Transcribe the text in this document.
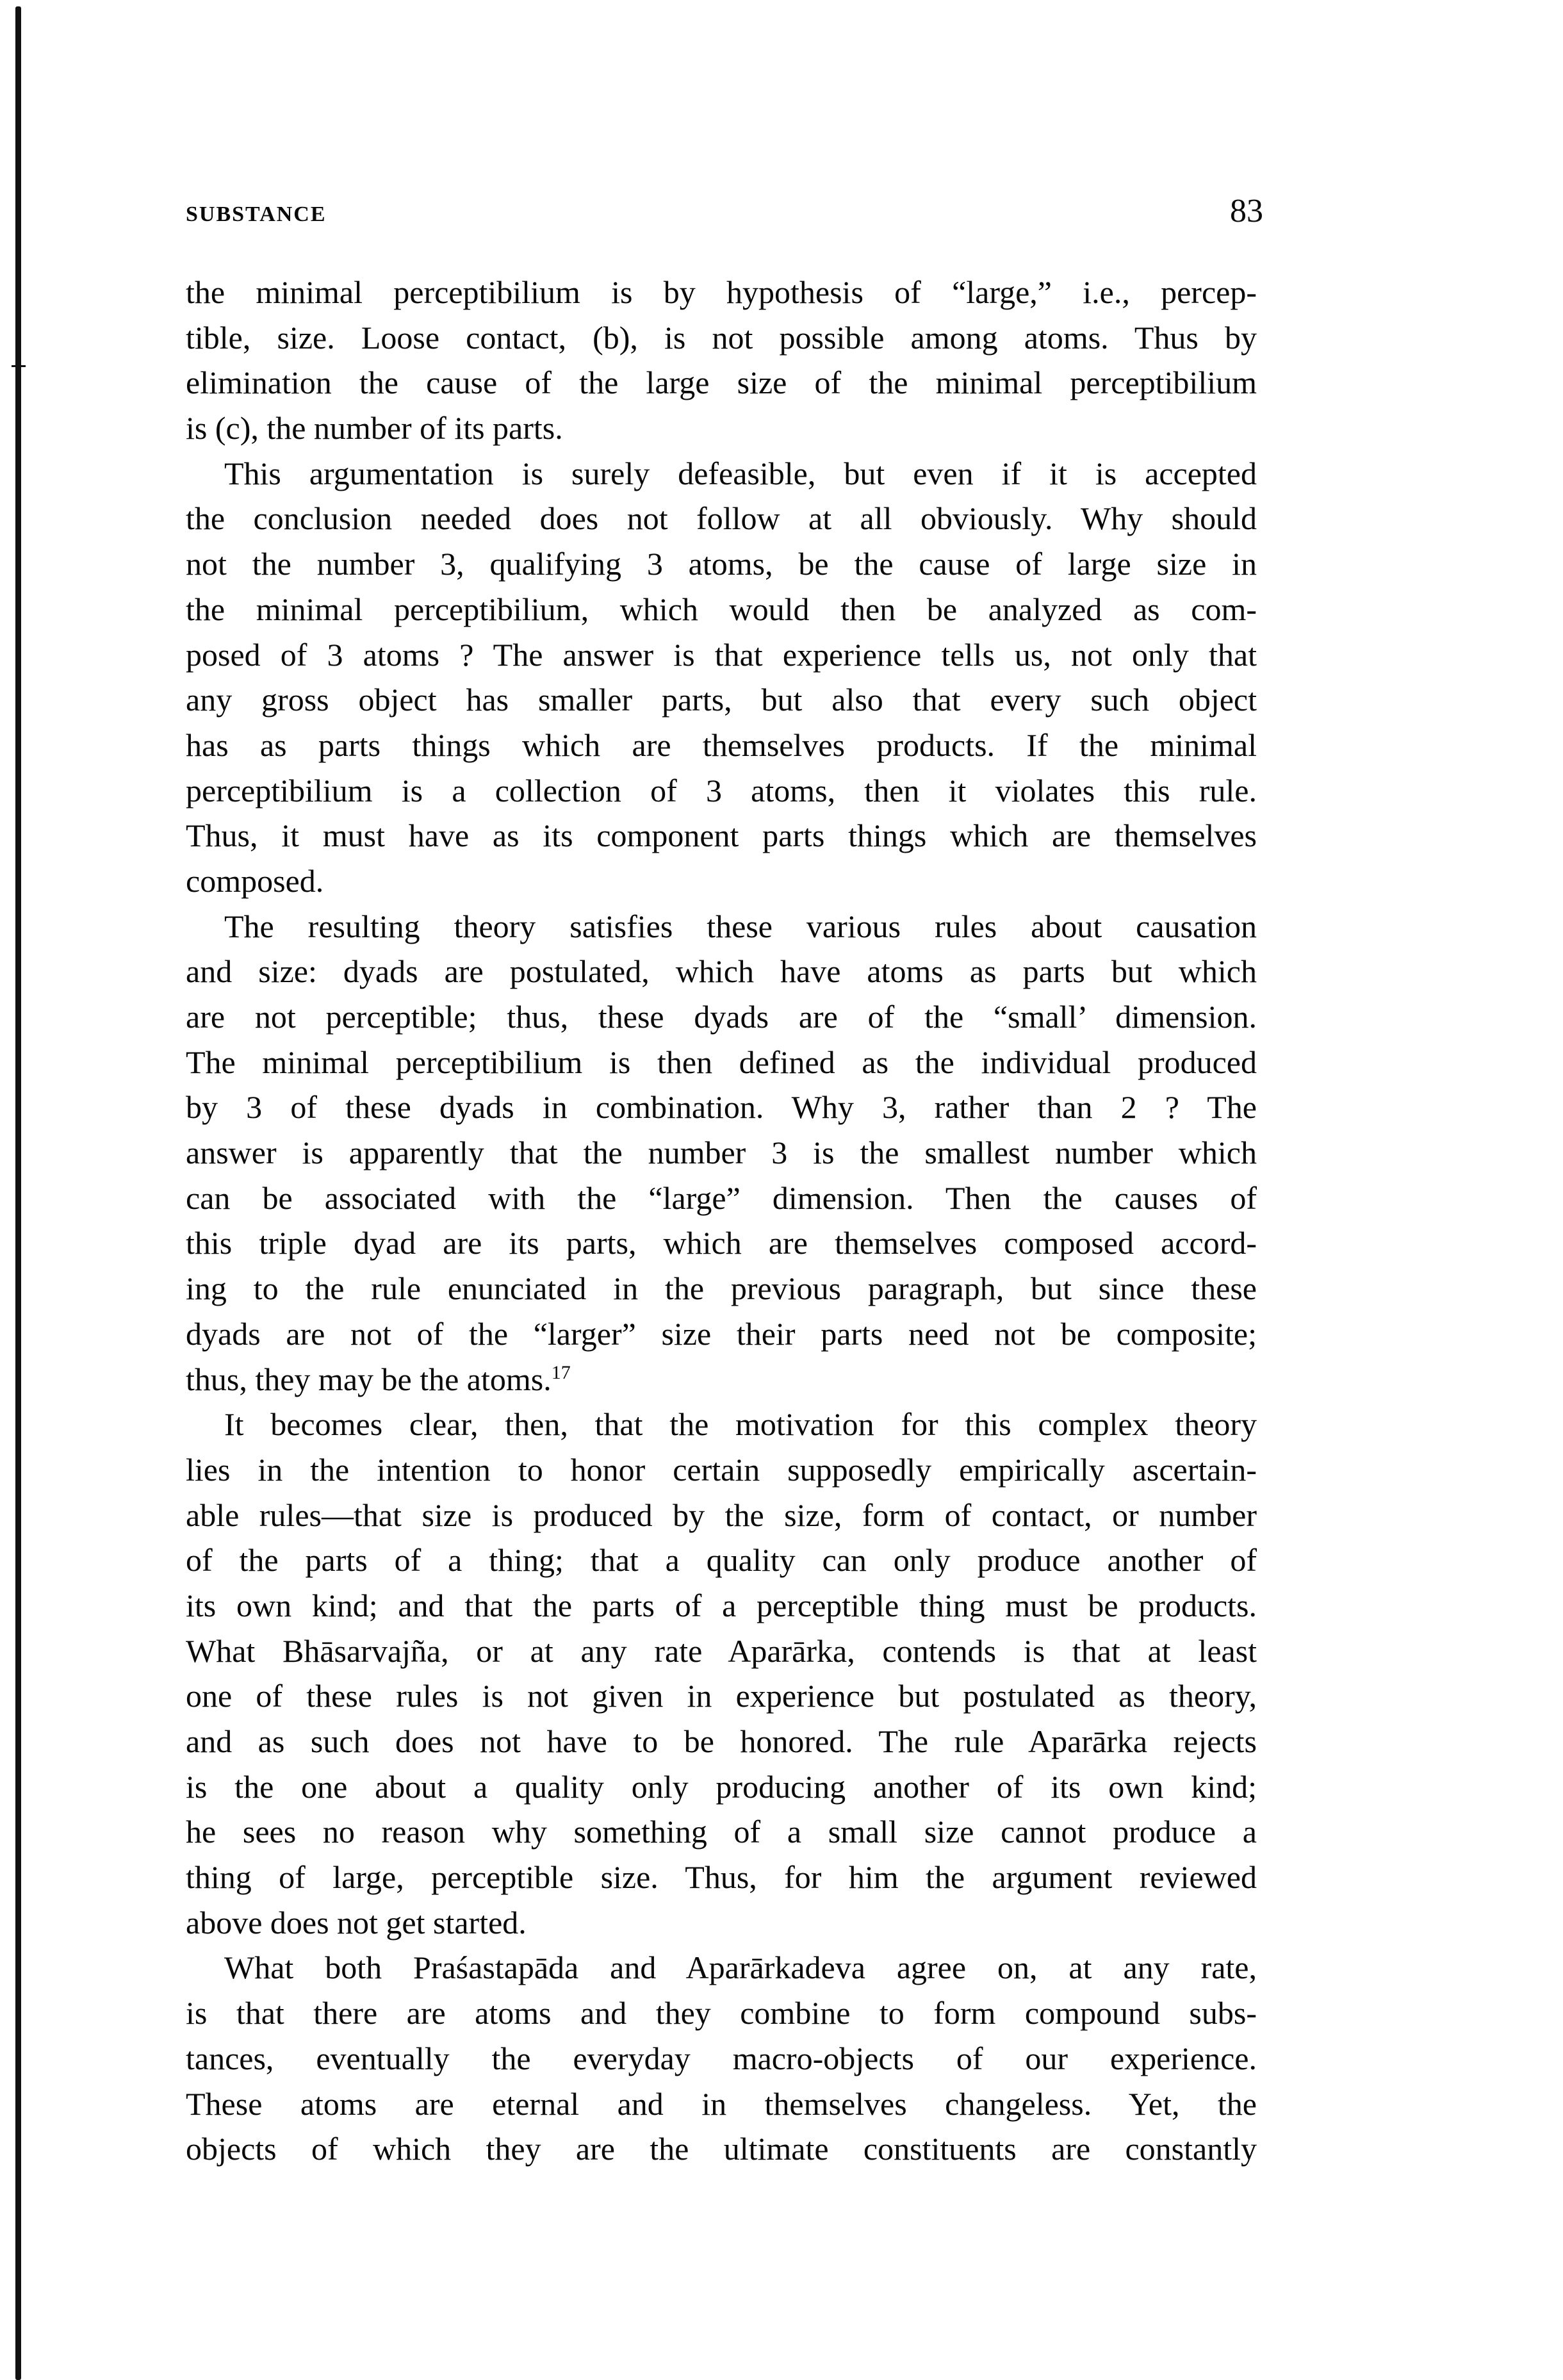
SUBSTANCE	83
the minimal perceptibilium is by hypothesis of “large,” i.e., percep-
tible, size. Loose contact, (b), is not possible among atoms. Thus by
elimination the cause of the large size of the minimal perceptibilium
is (c), the number of its parts.
This argumentation is surely defeasible, but even if it is accepted
the conclusion needed does not follow at all obviously. Why should
not the number 3, qualifying 3 atoms, be the cause of large size in
the minimal perceptibilium, which would then be analyzed as com-
posed of 3 atoms ? The answer is that experience tells us, not only that
any gross object has smaller parts, but also that every such object
has as parts things which are themselves products. If the minimal
perceptibilium is a collection of 3 atoms, then it violates this rule.
Thus, it must have as its component parts things which are themselves
composed.
The resulting theory satisfies these various rules about causation
and size: dyads are postulated, which have atoms as parts but which
are not perceptible; thus, these dyads are of the “small’ dimension.
The minimal perceptibilium is then defined as the individual produced
by 3 of these dyads in combination. Why 3, rather than 2 ? The
answer is apparently that the number 3 is the smallest number which
can be associated with the “large” dimension. Then the causes of
this triple dyad are its parts, which are themselves composed accord-
ing to the rule enunciated in the previous paragraph, but since these
dyads are not of the “larger” size their parts need not be composite;
thus, they may be the atoms.$^{17}$
It becomes clear, then, that the motivation for this complex theory
lies in the intention to honor certain supposedly empirically ascertain-
able rules—that size is produced by the size, form of contact, or number
of the parts of a thing; that a quality can only produce another of
its own kind; and that the parts of a perceptible thing must be products.
What Bhāsarvajña, or at any rate Aparārka, contends is that at least
one of these rules is not given in experience but postulated as theory,
and as such does not have to be honored. The rule Aparārka rejects
is the one about a quality only producing another of its own kind;
he sees no reason why something of a small size cannot produce a
thing of large, perceptible size. Thus, for him the argument reviewed
above does not get started.
What both Praśastapāda and Aparārkadeva agree on, at any rate,
is that there are atoms and they combine to form compound subs-
tances, eventually the everyday macro-objects of our experience.
These atoms are eternal and in themselves changeless. Yet, the
objects of which they are the ultimate constituents are constantly
